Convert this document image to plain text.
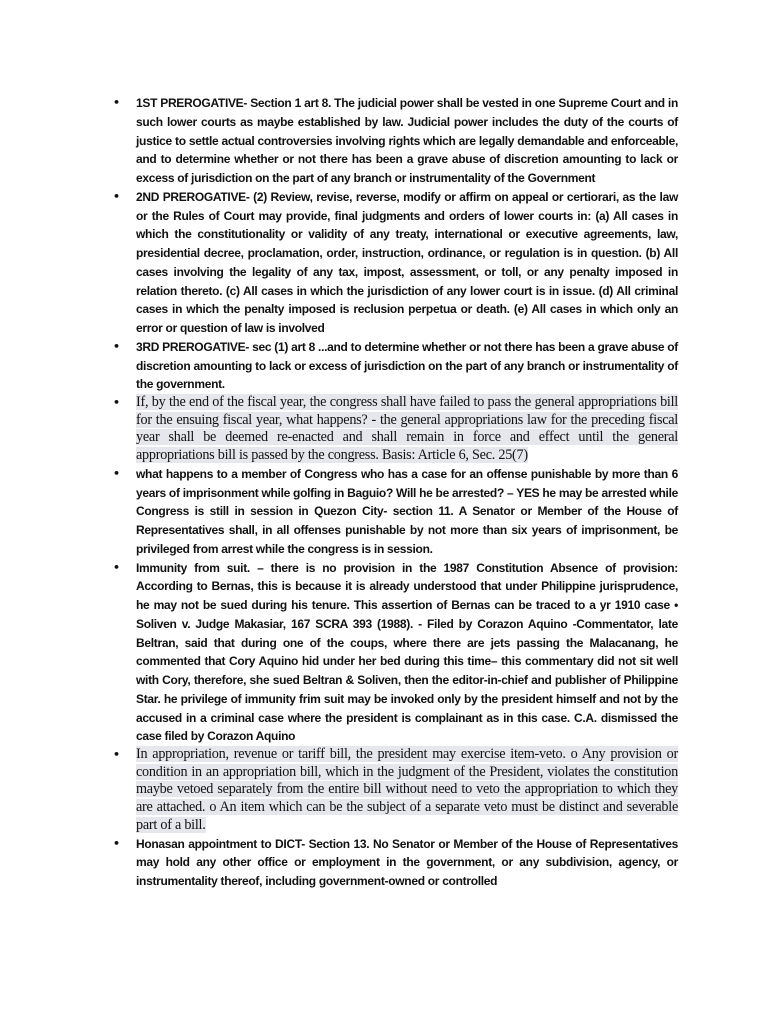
• 1ST PREROGATIVE- Section 1 art 8. The judicial power shall be vested in one Supreme Court and in such lower courts as maybe established by law. Judicial power includes the duty of the courts of justice to settle actual controversies involving rights which are legally demandable and enforceable, and to determine whether or not there has been a grave abuse of discretion amounting to lack or excess of jurisdiction on the part of any branch or instrumentality of the Government
• 2ND PREROGATIVE- (2) Review, revise, reverse, modify or affirm on appeal or certiorari, as the law or the Rules of Court may provide, final judgments and orders of lower courts in: (a) All cases in which the constitutionality or validity of any treaty, international or executive agreements, law, presidential decree, proclamation, order, instruction, ordinance, or regulation is in question. (b) All cases involving the legality of any tax, impost, assessment, or toll, or any penalty imposed in relation thereto. (c) All cases in which the jurisdiction of any lower court is in issue. (d) All criminal cases in which the penalty imposed is reclusion perpetua or death. (e) All cases in which only an error or question of law is involved
• 3RD PREROGATIVE- sec (1) art 8 ...and to determine whether or not there has been a grave abuse of discretion amounting to lack or excess of jurisdiction on the part of any branch or instrumentality of the government.
• If, by the end of the fiscal year, the congress shall have failed to pass the general appropriations bill for the ensuing fiscal year, what happens? - the general appropriations law for the preceding fiscal year shall be deemed re-enacted and shall remain in force and effect until the general appropriations bill is passed by the congress. Basis: Article 6, Sec. 25(7)
• what happens to a member of Congress who has a case for an offense punishable by more than 6 years of imprisonment while golfing in Baguio? Will he be arrested? – YES he may be arrested while Congress is still in session in Quezon City- section 11. A Senator or Member of the House of Representatives shall, in all offenses punishable by not more than six years of imprisonment, be privileged from arrest while the congress is in session.
• Immunity from suit. – there is no provision in the 1987 Constitution Absence of provision: According to Bernas, this is because it is already understood that under Philippine jurisprudence, he may not be sued during his tenure. This assertion of Bernas can be traced to a yr 1910 case • Soliven v. Judge Makasiar, 167 SCRA 393 (1988). - Filed by Corazon Aquino -Commentator, late Beltran, said that during one of the coups, where there are jets passing the Malacanang, he commented that Cory Aquino hid under her bed during this time– this commentary did not sit well with Cory, therefore, she sued Beltran & Soliven, then the editor-in-chief and publisher of Philippine Star. he privilege of immunity frim suit may be invoked only by the president himself and not by the accused in a criminal case where the president is complainant as in this case. C.A. dismissed the case filed by Corazon Aquino
• In appropriation, revenue or tariff bill, the president may exercise item-veto. o Any provision or condition in an appropriation bill, which in the judgment of the President, violates the constitution maybe vetoed separately from the entire bill without need to veto the appropriation to which they are attached. o An item which can be the subject of a separate veto must be distinct and severable part of a bill.
• Honasan appointment to DICT- Section 13. No Senator or Member of the House of Representatives may hold any other office or employment in the government, or any subdivision, agency, or instrumentality thereof, including government-owned or controlled
